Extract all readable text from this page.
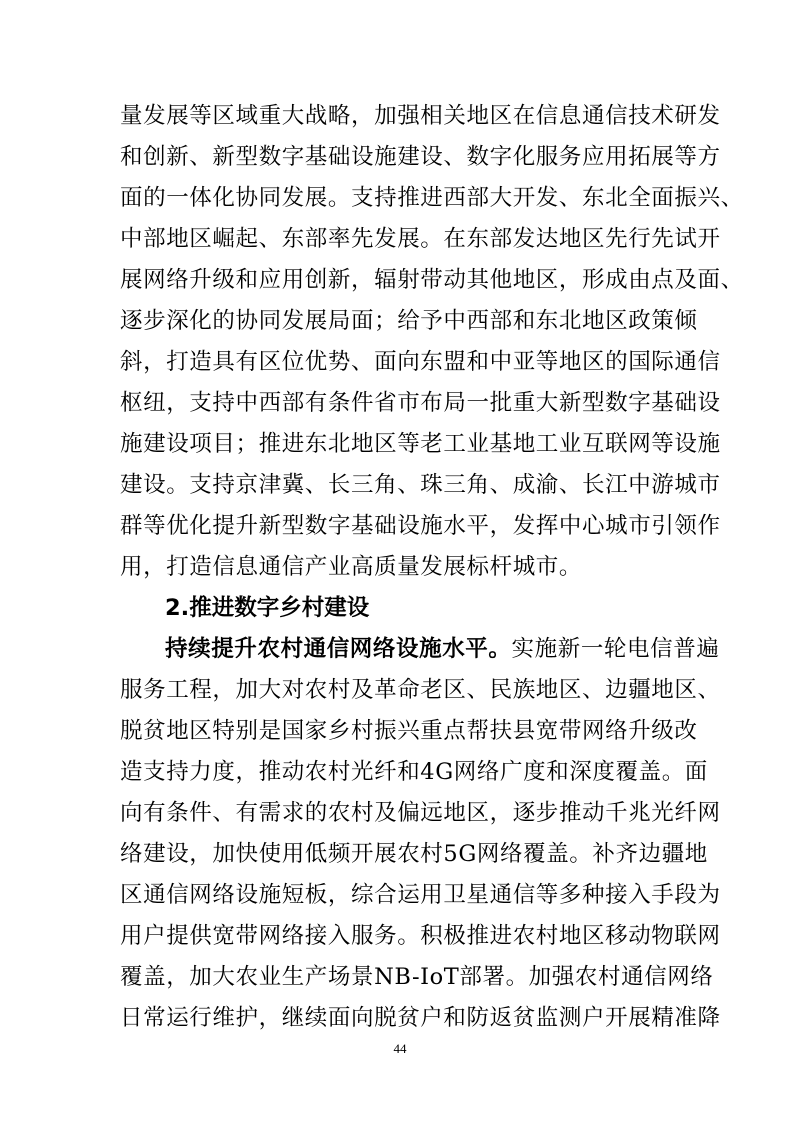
量发展等区域重大战略，加强相关地区在信息通信技术研发
和创新、新型数字基础设施建设、数字化服务应用拓展等方
面的一体化协同发展。支持推进西部大开发、东北全面振兴、
中部地区崛起、东部率先发展。在东部发达地区先行先试开
展网络升级和应用创新，辐射带动其他地区，形成由点及面、
逐步深化的协同发展局面；给予中西部和东北地区政策倾
斜，打造具有区位优势、面向东盟和中亚等地区的国际通信
枢纽，支持中西部有条件省市布局一批重大新型数字基础设
施建设项目；推进东北地区等老工业基地工业互联网等设施
建设。支持京津冀、长三角、珠三角、成渝、长江中游城市
群等优化提升新型数字基础设施水平，发挥中心城市引领作
用，打造信息通信产业高质量发展标杆城市。
2.推进数字乡村建设
持续提升农村通信网络设施水平。实施新一轮电信普遍
服务工程，加大对农村及革命老区、民族地区、边疆地区、
脱贫地区特别是国家乡村振兴重点帮扶县宽带网络升级改
造支持力度，推动农村光纤和4G网络广度和深度覆盖。面
向有条件、有需求的农村及偏远地区，逐步推动千兆光纤网
络建设，加快使用低频开展农村5G网络覆盖。补齐边疆地
区通信网络设施短板，综合运用卫星通信等多种接入手段为
用户提供宽带网络接入服务。积极推进农村地区移动物联网
覆盖，加大农业生产场景NB-IoT部署。加强农村通信网络
日常运行维护，继续面向脱贫户和防返贫监测户开展精准降
44
